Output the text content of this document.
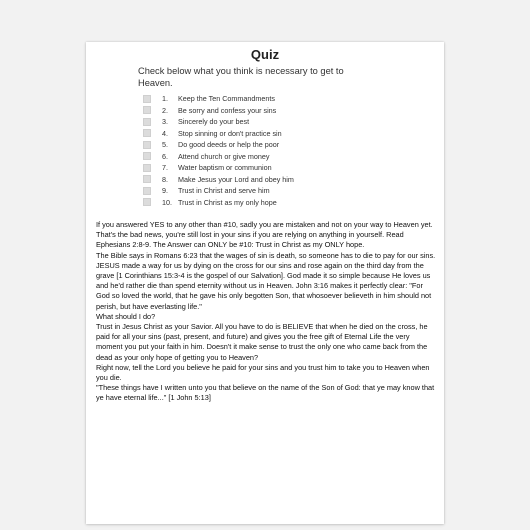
Quiz
Check below what you think is necessary to get to Heaven.
1.	Keep the Ten Commandments
2.	Be sorry and confess your sins
3.	Sincerely do your best
4.	Stop sinning or don't practice sin
5.	Do good deeds or help the poor
6.	Attend church or give money
7.	Water baptism or communion
8.	Make Jesus your Lord and obey him
9.	Trust in Christ and serve him
10. Trust in Christ as my only hope

If you answered YES to any other than #10, sadly you are mistaken and not on your way to Heaven yet. That's the bad news, you're still lost in your sins if you are relying on anything in yourself. Read Ephesians 2:8-9. The Answer can ONLY be #10: Trust in Christ as my ONLY hope.

The Bible says in Romans 6:23 that the wages of sin is death, so someone has to die to pay for our sins. JESUS made a way for us by dying on the cross for our sins and rose again on the third day from the grave [1 Corinthians 15:3-4 is the gospel of our Salvation]. God made it so simple because He loves us and he'd rather die than spend eternity without us in Heaven. John 3:16 makes it perfectly clear: "For God so loved the world, that he gave his only begotten Son, that whosoever believeth in him should not perish, but have everlasting life."

What should I do?

Trust in Jesus Christ as your Savior. All you have to do is BELIEVE that when he died on the cross, he paid for all your sins (past, present, and future) and gives you the free gift of Eternal Life the very moment you put your faith in him. Doesn't it make sense to trust the only one who came back from the dead as your only hope of getting you to Heaven?

Right now, tell the Lord you believe he paid for your sins and you trust him to take you to Heaven when you die.

"These things have I written unto you that believe on the name of the Son of God: that ye may know that ye have eternal life..." [1 John 5:13]
